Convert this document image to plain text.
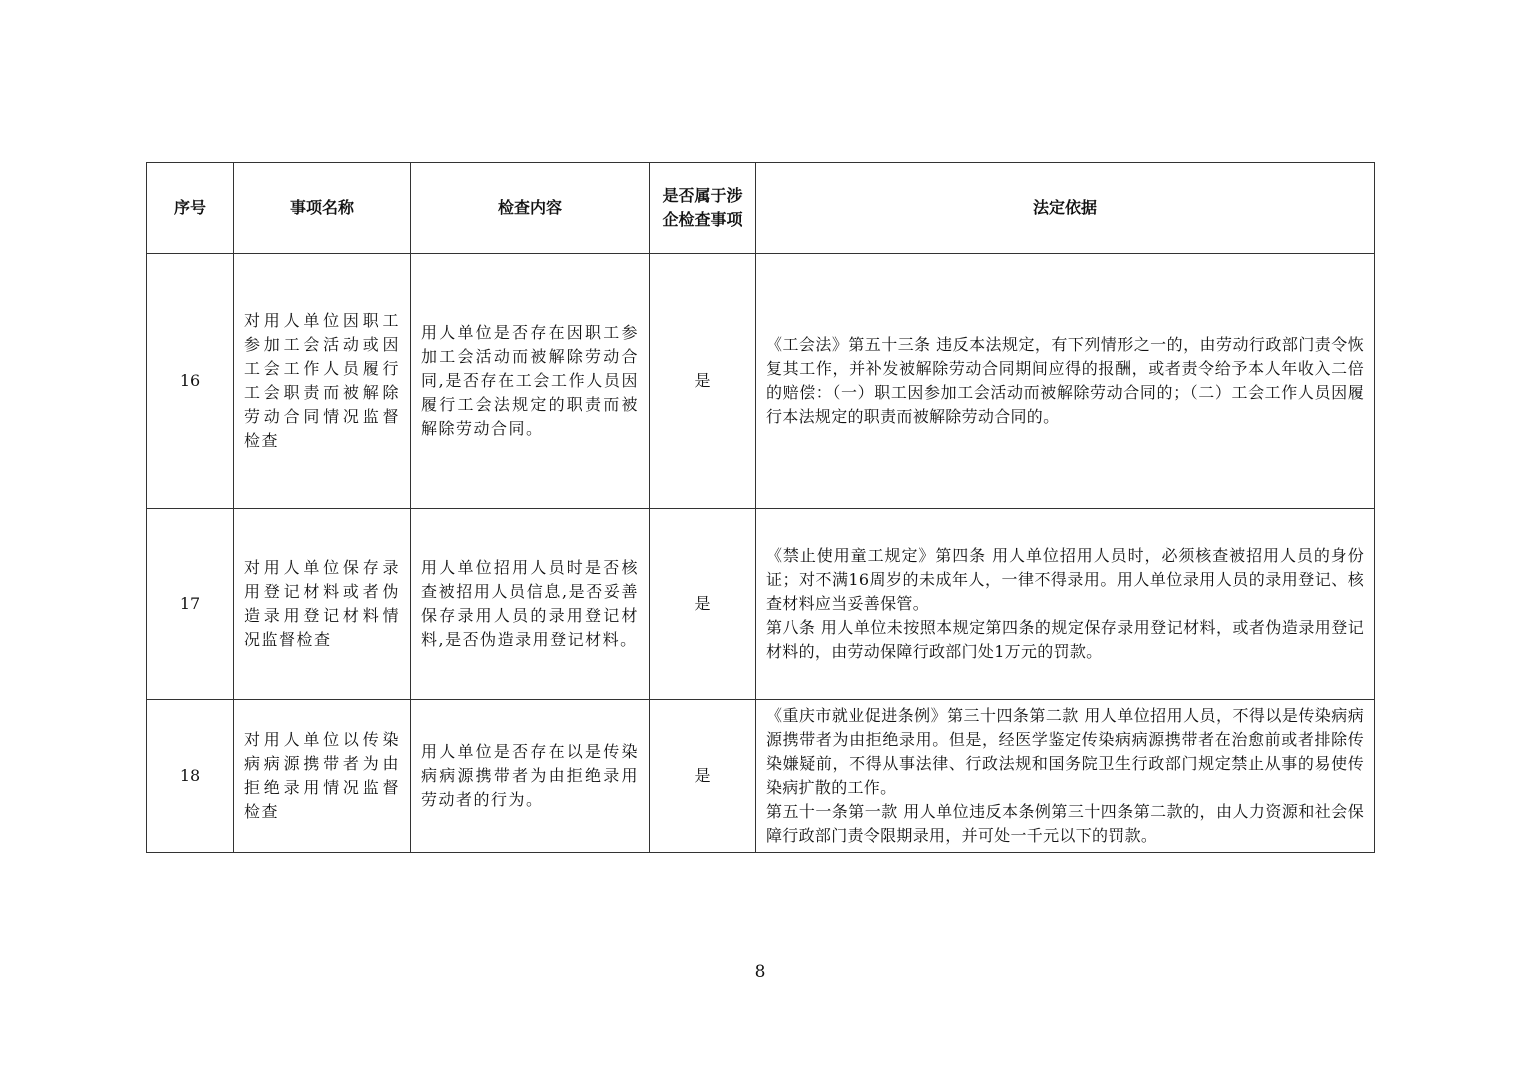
序号	事项名称	检查内容	是否属于涉企检查事项	法定依据
16	对用人单位因职工参加工会活动或因工会工作人员履行工会职责而被解除劳动合同情况监督检查	用人单位是否存在因职工参加工会活动而被解除劳动合同,是否存在工会工作人员因履行工会法规定的职责而被解除劳动合同。	是	《工会法》第五十三条 违反本法规定，有下列情形之一的，由劳动行政部门责令恢复其工作，并补发被解除劳动合同期间应得的报酬，或者责令给予本人年收入二倍的赔偿：（一）职工因参加工会活动而被解除劳动合同的；（二）工会工作人员因履行本法规定的职责而被解除劳动合同的。

17	对用人单位保存录用登记材料或者伪造录用登记材料情况监督检查	用人单位招用人员时是否核查被招用人员信息,是否妥善保存录用人员的录用登记材料,是否伪造录用登记材料。	是	《禁止使用童工规定》第四条 用人单位招用人员时，必须核查被招用人员的身份证；对不满16周岁的未成年人，一律不得录用。用人单位录用人员的录用登记、核查材料应当妥善保管。

第八条 用人单位未按照本规定第四条的规定保存录用登记材料，或者伪造录用登记材料的，由劳动保障行政部门处1万元的罚款。

18	对用人单位以传染病病源携带者为由拒绝录用情况监督检查	用人单位是否存在以是传染病病源携带者为由拒绝录用劳动者的行为。	是	《重庆市就业促进条例》第三十四条第二款 用人单位招用人员，不得以是传染病病源携带者为由拒绝录用。但是，经医学鉴定传染病病源携带者在治愈前或者排除传染嫌疑前，不得从事法律、行政法规和国务院卫生行政部门规定禁止从事的易使传染病扩散的工作。

第五十一条第一款 用人单位违反本条例第三十四条第二款的，由人力资源和社会保障行政部门责令限期录用，并可处一千元以下的罚款。

8
